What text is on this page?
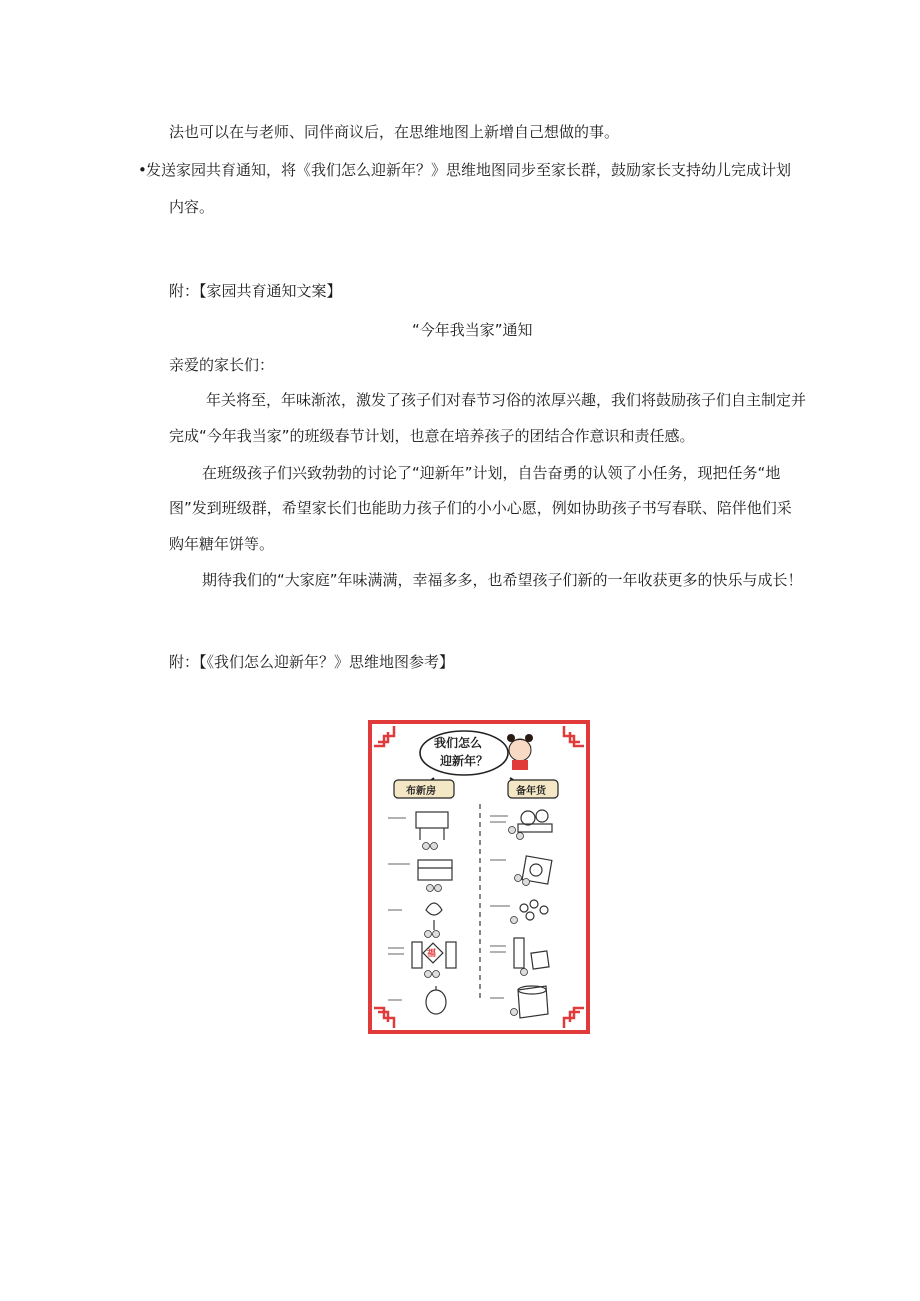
法也可以在与老师、同伴商议后，在思维地图上新增自己想做的事。
• 发送家园共育通知，将《我们怎么迎新年？》思维地图同步至家长群，鼓励家长支持幼儿完成计划
内容。
附：【家园共育通知文案】
“今年我当家”通知
亲爱的家长们：
年关将至，年味渐浓，激发了孩子们对春节习俗的浓厚兴趣，我们将鼓励孩子们自主制定并
完成“今年我当家”的班级春节计划，也意在培养孩子的团结合作意识和责任感。
在班级孩子们兴致勃勃的讨论了“迎新年”计划，自告奋勇的认领了小任务，现把任务“地
图”发到班级群，希望家长们也能助力孩子们的小小心愿，例如协助孩子书写春联、陪伴他们采
购年糖年饼等。
期待我们的“大家庭”年味满满，幸福多多，也希望孩子们新的一年收获更多的快乐与成长！
附：【《我们怎么迎新年？》思维地图参考】
我们怎么
迎新年？
布新房	备年货
福
